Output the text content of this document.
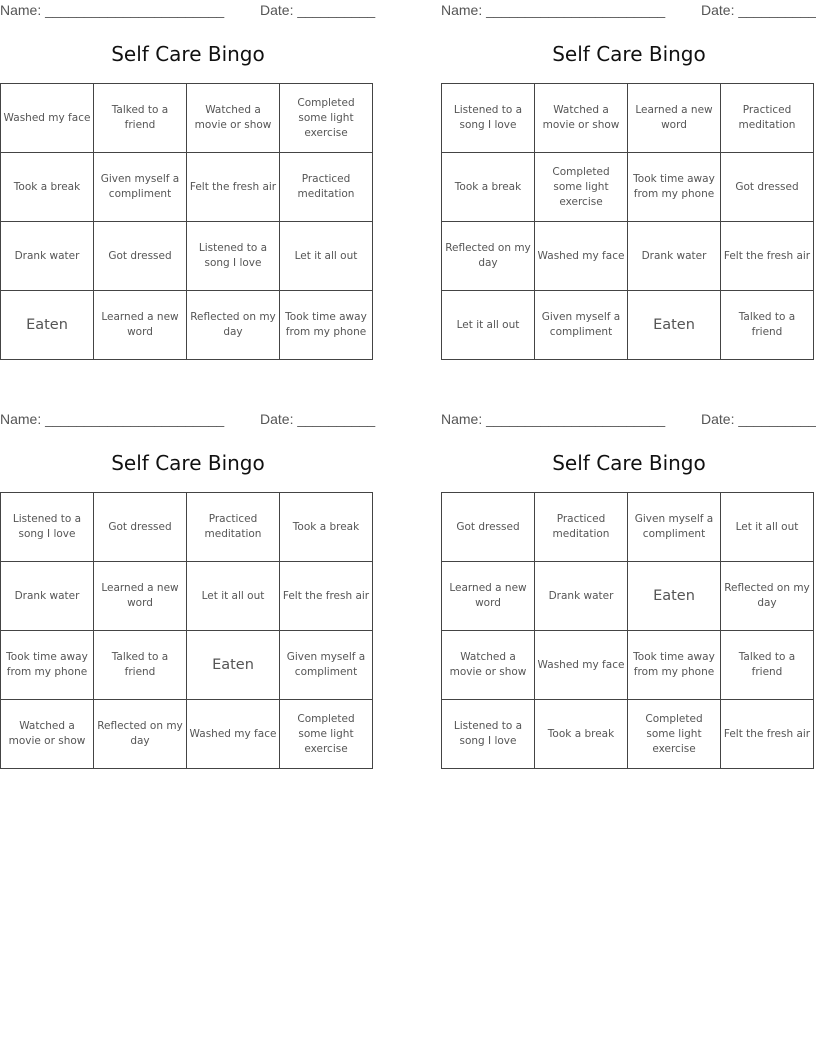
Name: _______________________	Date: __________
Self Care Bingo
Washed my face	Talked to a friend	Watched a movie or show	Completed some light exercise
Took a break	Given myself a compliment	Felt the fresh air	Practiced meditation
Drank water	Got dressed	Listened to a song I love	Let it all out
Eaten	Learned a new word	Reflected on my day	Took time away from my phone
Name: _______________________	Date: __________
Self Care Bingo
Listened to a song I love	Watched a movie or show	Learned a new word	Practiced meditation
Took a break	Completed some light exercise	Took time away from my phone	Got dressed
Reflected on my day	Washed my face	Drank water	Felt the fresh air
Let it all out	Given myself a compliment	Eaten	Talked to a friend
Name: _______________________	Date: __________
Self Care Bingo
Listened to a song I love	Got dressed	Practiced meditation	Took a break
Drank water	Learned a new word	Let it all out	Felt the fresh air
Took time away from my phone	Talked to a friend	Eaten	Given myself a compliment
Watched a movie or show	Reflected on my day	Washed my face	Completed some light exercise
Name: _______________________	Date: __________
Self Care Bingo
Got dressed	Practiced meditation	Given myself a compliment	Let it all out
Learned a new word	Drank water	Eaten	Reflected on my day
Watched a movie or show	Washed my face	Took time away from my phone	Talked to a friend
Listened to a song I love	Took a break	Completed some light exercise	Felt the fresh air
